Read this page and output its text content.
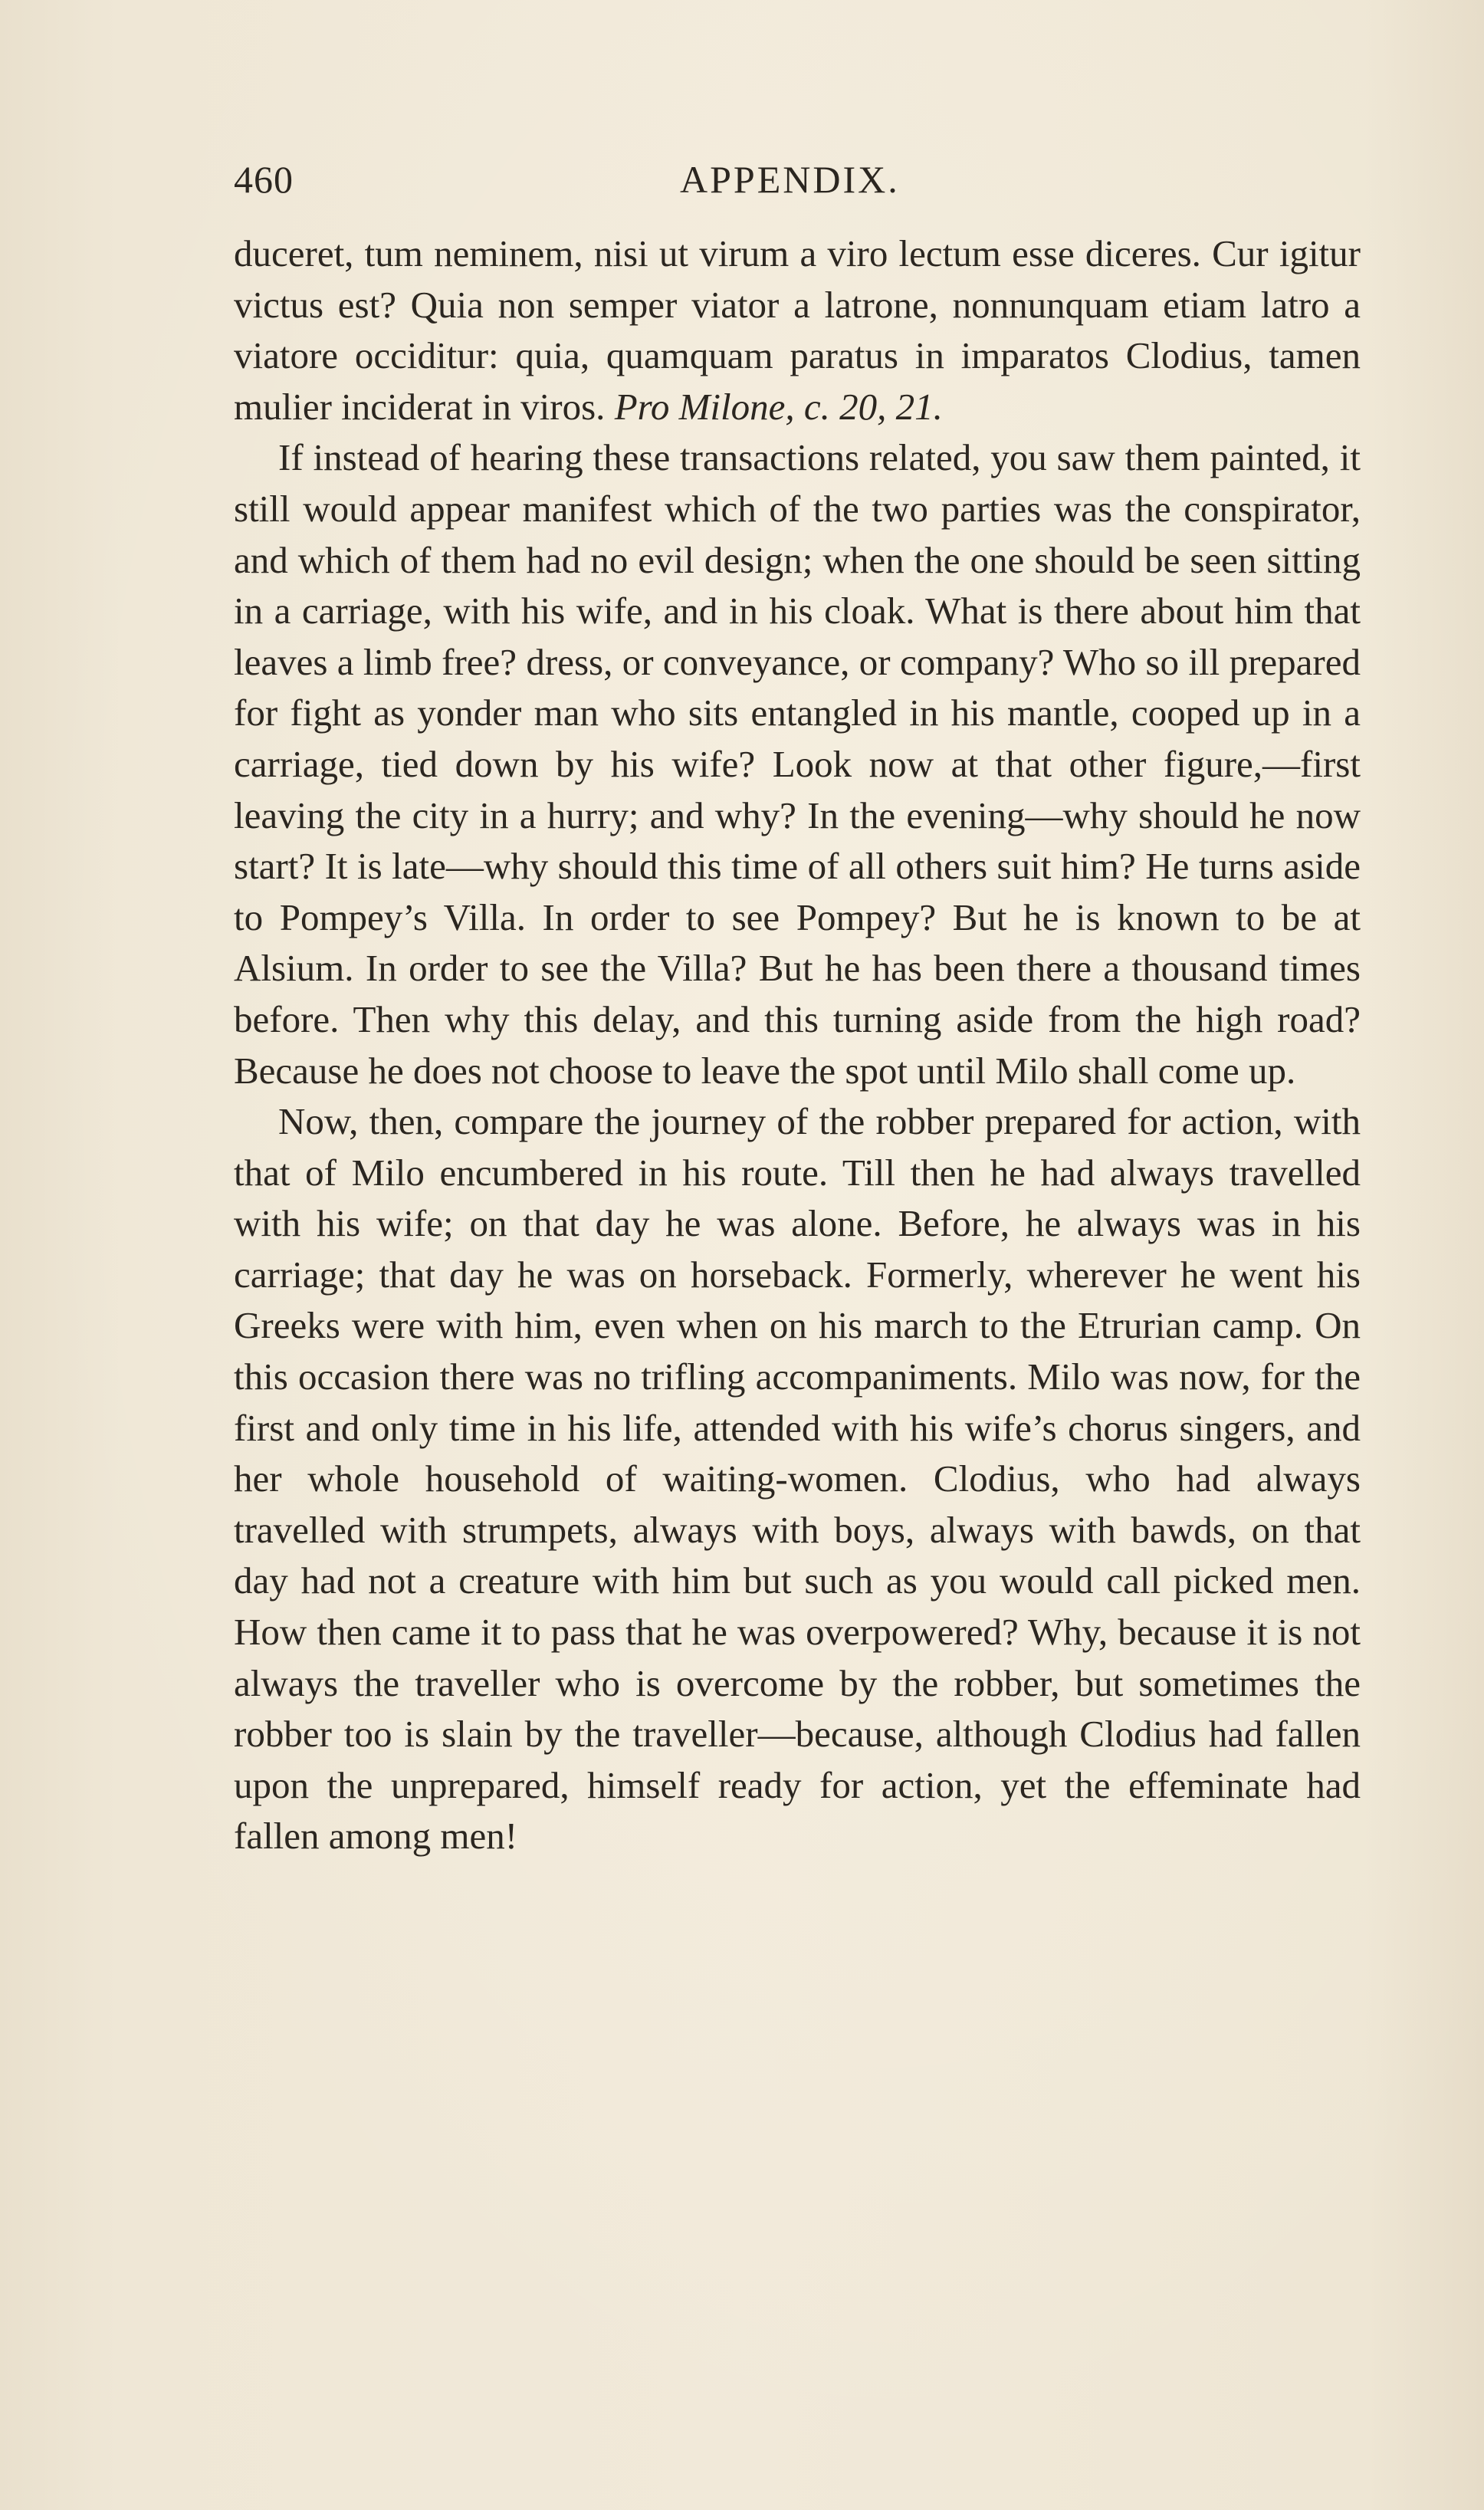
460	APPENDIX.

duceret, tum neminem, nisi ut virum a viro lectum esse diceres. Cur igitur victus est? Quia non semper viator a latrone, nonnunquam etiam latro a viatore occiditur: quia, quamquam paratus in imparatos Clodius, tamen mulier inciderat in viros. Pro Milone, c. 20, 21.

If instead of hearing these transactions related, you saw them painted, it still would appear manifest which of the two parties was the conspirator, and which of them had no evil design; when the one should be seen sitting in a carriage, with his wife, and in his cloak. What is there about him that leaves a limb free? dress, or conveyance, or company? Who so ill prepared for fight as yonder man who sits entangled in his mantle, cooped up in a carriage, tied down by his wife? Look now at that other figure,—first leaving the city in a hurry; and why? In the evening—why should he now start? It is late—why should this time of all others suit him? He turns aside to Pompey’s Villa. In order to see Pompey? But he is known to be at Alsium. In order to see the Villa? But he has been there a thousand times before. Then why this delay, and this turning aside from the high road? Because he does not choose to leave the spot until Milo shall come up.

Now, then, compare the journey of the robber prepared for action, with that of Milo encumbered in his route. Till then he had always travelled with his wife; on that day he was alone. Before, he always was in his carriage; that day he was on horseback. Formerly, wherever he went his Greeks were with him, even when on his march to the Etrurian camp. On this occasion there was no trifling accompaniments. Milo was now, for the first and only time in his life, attended with his wife’s chorus singers, and her whole household of waiting-women. Clodius, who had always travelled with strumpets, always with boys, always with bawds, on that day had not a creature with him but such as you would call picked men. How then came it to pass that he was overpowered? Why, because it is not always the traveller who is overcome by the robber, but sometimes the robber too is slain by the traveller—because, although Clodius had fallen upon the unprepared, himself ready for action, yet the effeminate had fallen among men!
